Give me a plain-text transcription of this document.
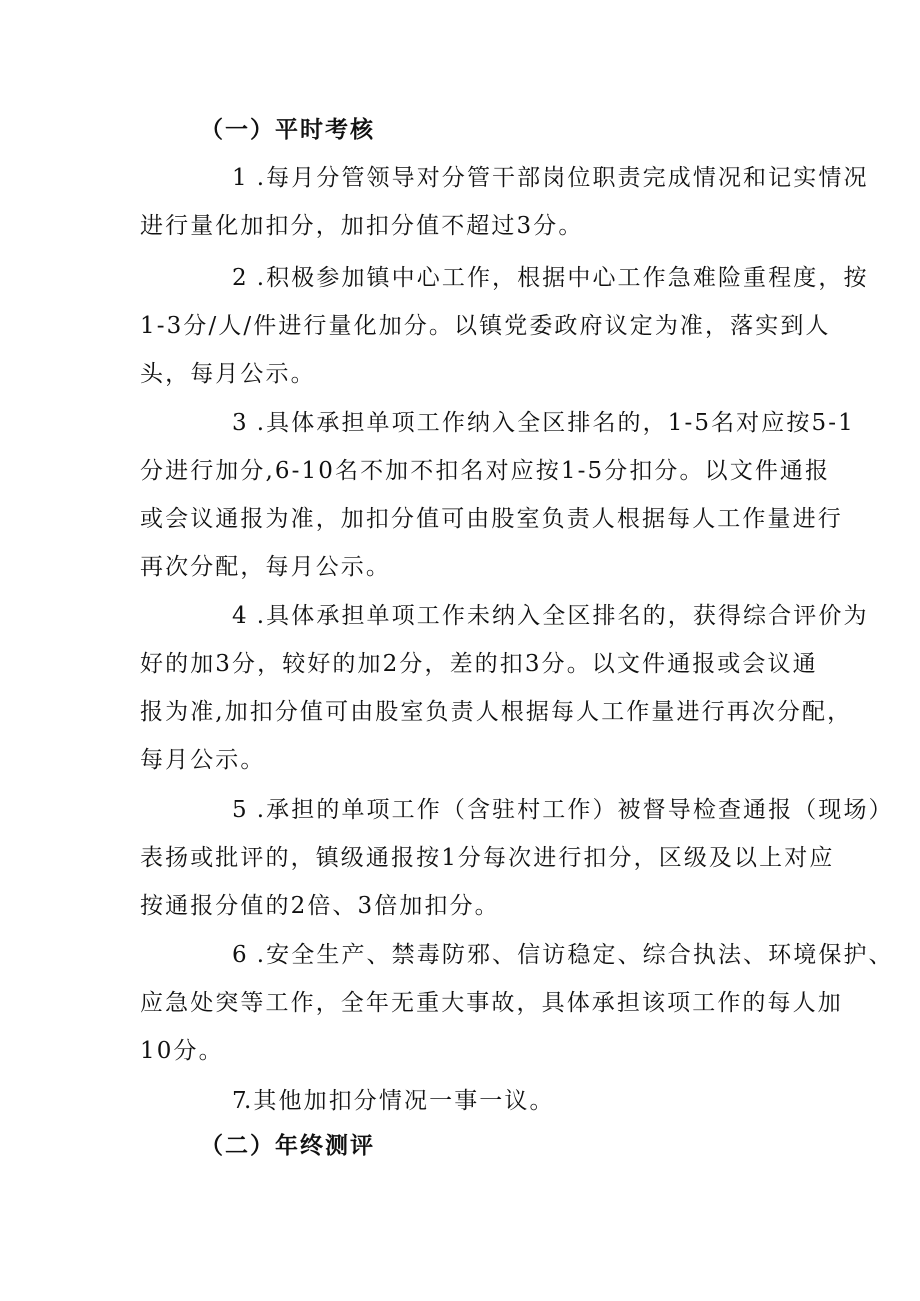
（一）平时考核
1 .每月分管领导对分管干部岗位职责完成情况和记实情况
进行量化加扣分，加扣分值不超过3分。
2 .积极参加镇中心工作，根据中心工作急难险重程度，按
1-3分/人/件进行量化加分。以镇党委政府议定为准，落实到人
头，每月公示。
3 .具体承担单项工作纳入全区排名的，1-5名对应按5-1
分进行加分,6-10名不加不扣名对应按1-5分扣分。以文件通报
或会议通报为准，加扣分值可由股室负责人根据每人工作量进行
再次分配，每月公示。
4 .具体承担单项工作未纳入全区排名的，获得综合评价为
好的加3分，较好的加2分，差的扣3分。以文件通报或会议通
报为准,加扣分值可由股室负责人根据每人工作量进行再次分配，
每月公示。
5 .承担的单项工作（含驻村工作）被督导检查通报（现场）
表扬或批评的，镇级通报按1分每次进行扣分，区级及以上对应
按通报分值的2倍、3倍加扣分。
6 .安全生产、禁毒防邪、信访稳定、综合执法、环境保护、
应急处突等工作，全年无重大事故，具体承担该项工作的每人加
10分。
7.其他加扣分情况一事一议。
（二）年终测评
